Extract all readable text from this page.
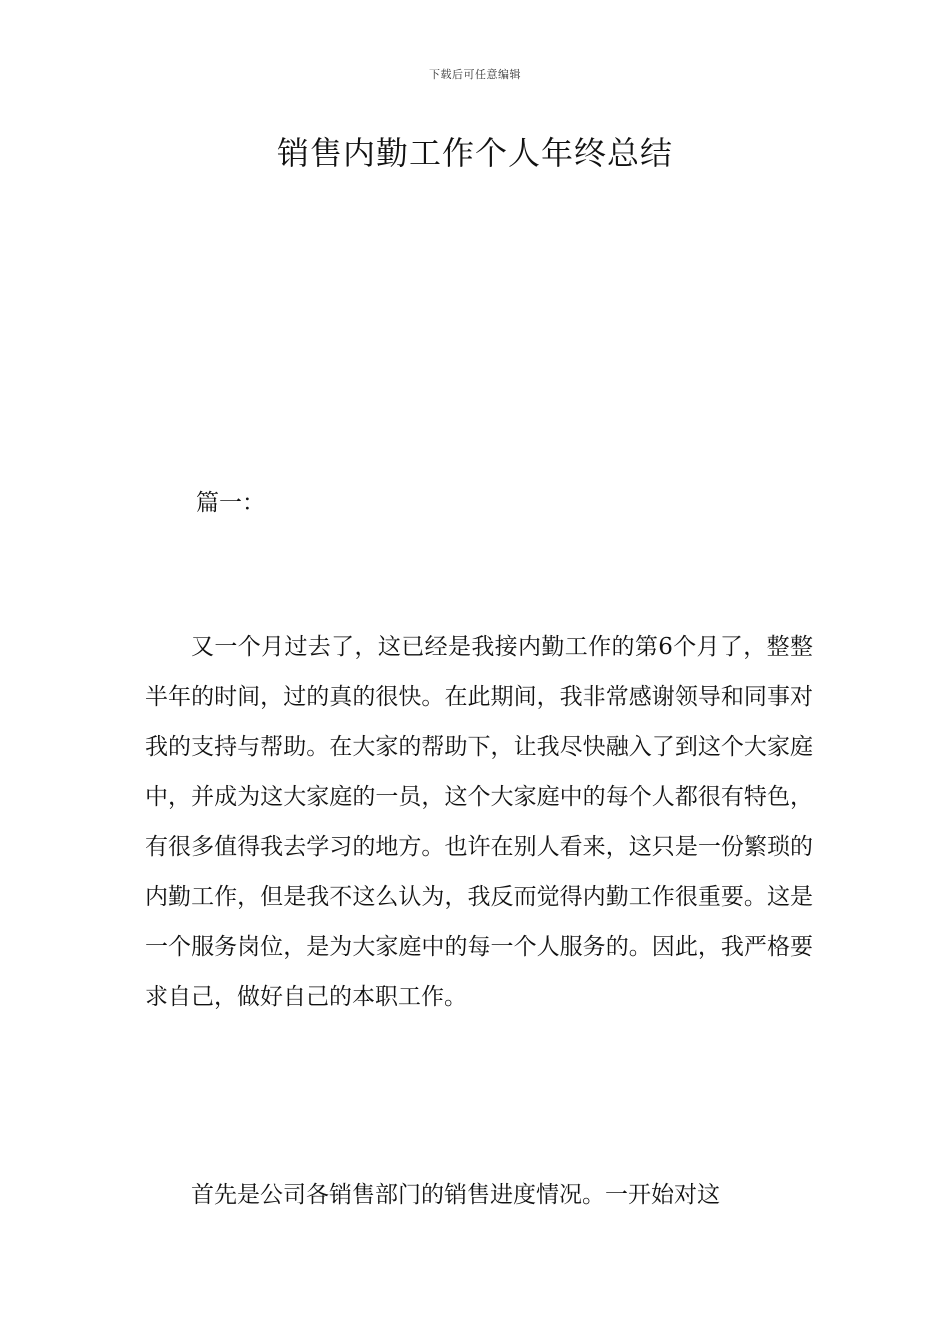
下载后可任意编辑
销售内勤工作个人年终总结

篇一：

又一个月过去了，这已经是我接内勤工作的第6个月了，整整半年的时间，过的真的很快。在此期间，我非常感谢领导和同事对我的支持与帮助。在大家的帮助下，让我尽快融入了到这个大家庭中，并成为这大家庭的一员，这个大家庭中的每个人都很有特色，有很多值得我去学习的地方。也许在别人看来，这只是一份繁琐的内勤工作，但是我不这么认为，我反而觉得内勤工作很重要。这是一个服务岗位，是为大家庭中的每一个人服务的。因此，我严格要求自己，做好自己的本职工作。

首先是公司各销售部门的销售进度情况。一开始对这
